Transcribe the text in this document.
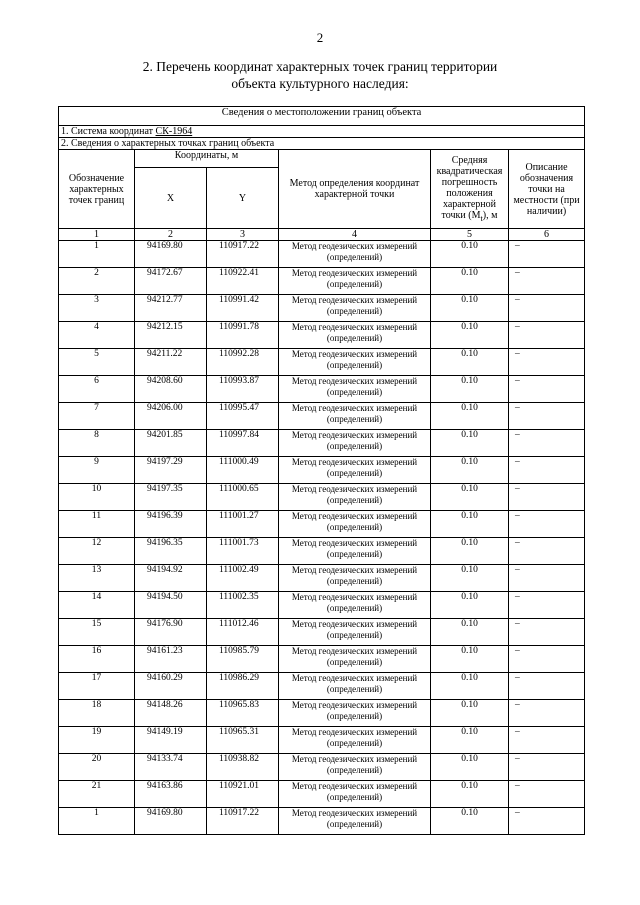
2
2. Перечень координат характерных точек границ территории
объекта культурного наследия:
Сведения о местоположении границ объекта					
1. Система координат СК-1964					
2. Сведения о характерных точках границ объекта					
Обозначение характерных точек границ	Координаты, м		Метод определения координат характерной точки	Средняя квадратическая погрешность положения характерной точки $(М_t)$, м	Описание обозначения точки на местности (при наличии)
	X	Y			
1	2	3	4	5	6
1	94169.80	110917.22	Метод геодезических измерений (определений)	0.10	–
2	94172.67	110922.41	Метод геодезических измерений (определений)	0.10	–
3	94212.77	110991.42	Метод геодезических измерений (определений)	0.10	–
4	94212.15	110991.78	Метод геодезических измерений (определений)	0.10	–
5	94211.22	110992.28	Метод геодезических измерений (определений)	0.10	–
6	94208.60	110993.87	Метод геодезических измерений (определений)	0.10	–
7	94206.00	110995.47	Метод геодезических измерений (определений)	0.10	–
8	94201.85	110997.84	Метод геодезических измерений (определений)	0.10	–
9	94197.29	111000.49	Метод геодезических измерений (определений)	0.10	–
10	94197.35	111000.65	Метод геодезических измерений (определений)	0.10	–
11	94196.39	111001.27	Метод геодезических измерений (определений)	0.10	–
12	94196.35	111001.73	Метод геодезических измерений (определений)	0.10	–
13	94194.92	111002.49	Метод геодезических измерений (определений)	0.10	–
14	94194.50	111002.35	Метод геодезических измерений (определений)	0.10	–
15	94176.90	111012.46	Метод геодезических измерений (определений)	0.10	–
16	94161.23	110985.79	Метод геодезических измерений (определений)	0.10	–
17	94160.29	110986.29	Метод геодезических измерений (определений)	0.10	–
18	94148.26	110965.83	Метод геодезических измерений (определений)	0.10	–
19	94149.19	110965.31	Метод геодезических измерений (определений)	0.10	–
20	94133.74	110938.82	Метод геодезических измерений (определений)	0.10	–
21	94163.86	110921.01	Метод геодезических измерений (определений)	0.10	–
1	94169.80	110917.22	Метод геодезических измерений (определений)	0.10	–
